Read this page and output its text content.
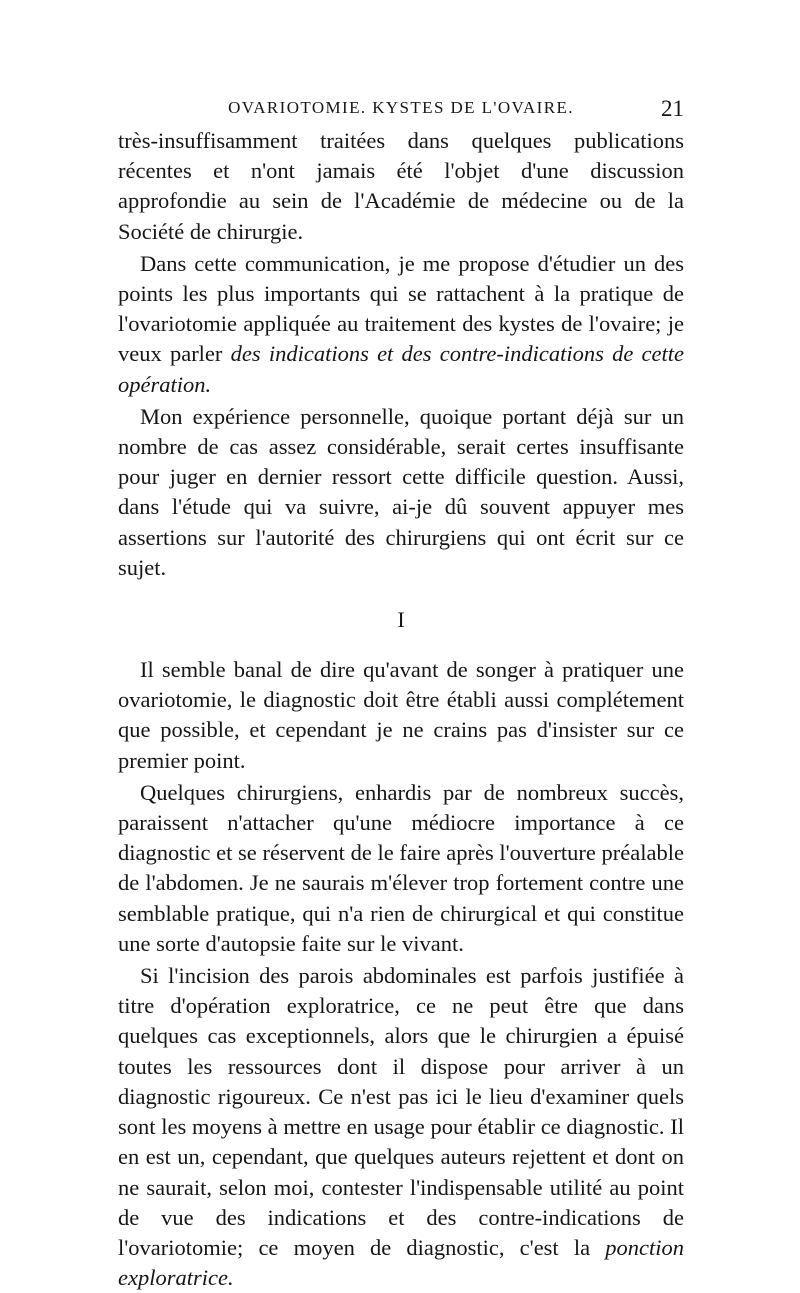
OVARIOTOMIE. KYSTES DE L'OVAIRE.	21

très-insuffisamment traitées dans quelques publications récentes et n'ont jamais été l'objet d'une discussion approfondie au sein de l'Académie de médecine ou de la Société de chirurgie.

Dans cette communication, je me propose d'étudier un des points les plus importants qui se rattachent à la pratique de l'ovariotomie appliquée au traitement des kystes de l'ovaire; je veux parler des indications et des contre-indications de cette opération.

Mon expérience personnelle, quoique portant déjà sur un nombre de cas assez considérable, serait certes insuffisante pour juger en dernier ressort cette difficile question. Aussi, dans l'étude qui va suivre, ai-je dû souvent appuyer mes assertions sur l'autorité des chirurgiens qui ont écrit sur ce sujet.

I

Il semble banal de dire qu'avant de songer à pratiquer une ovariotomie, le diagnostic doit être établi aussi complétement que possible, et cependant je ne crains pas d'insister sur ce premier point.

Quelques chirurgiens, enhardis par de nombreux succès, paraissent n'attacher qu'une médiocre importance à ce diagnostic et se réservent de le faire après l'ouverture préalable de l'abdomen. Je ne saurais m'élever trop fortement contre une semblable pratique, qui n'a rien de chirurgical et qui constitue une sorte d'autopsie faite sur le vivant.

Si l'incision des parois abdominales est parfois justifiée à titre d'opération exploratrice, ce ne peut être que dans quelques cas exceptionnels, alors que le chirurgien a épuisé toutes les ressources dont il dispose pour arriver à un diagnostic rigoureux. Ce n'est pas ici le lieu d'examiner quels sont les moyens à mettre en usage pour établir ce diagnostic. Il en est un, cependant, que quelques auteurs rejettent et dont on ne saurait, selon moi, contester l'indispensable utilité au point de vue des indications et des contre-indications de l'ovariotomie; ce moyen de diagnostic, c'est la ponction exploratrice.
